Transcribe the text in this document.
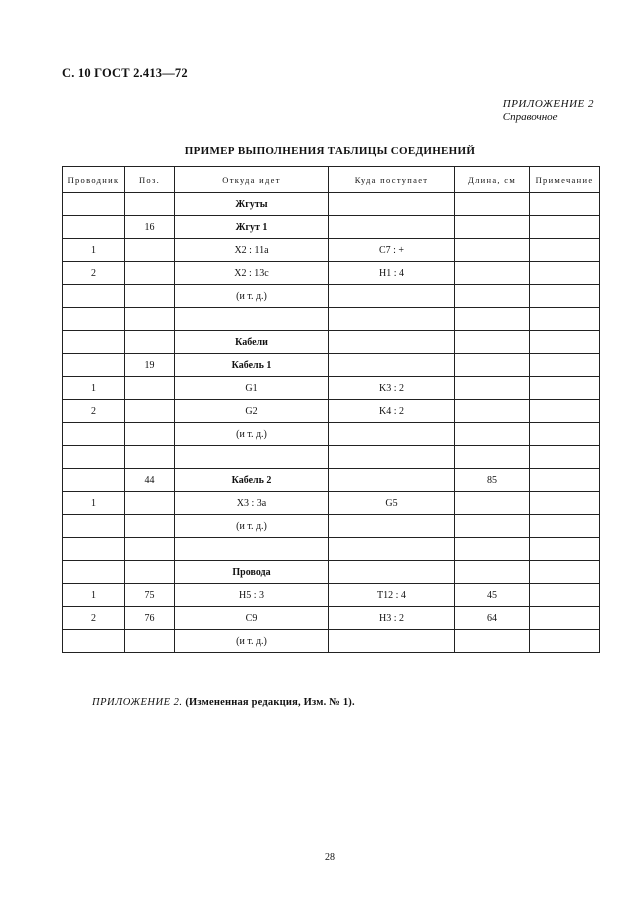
С. 10 ГОСТ 2.413—72
ПРИЛОЖЕНИЕ 2
Справочное
ПРИМЕР ВЫПОЛНЕНИЯ ТАБЛИЦЫ СОЕДИНЕНИЙ
Проводник	Поз.	Откуда идет	Куда поступает	Длина, см	Примечание
		Жгуты			
	16	Жгут 1			
1		X2 : 11a	C7 : +		
2		X2 : 13c	H1 : 4		
		(и т. д.)			

		Кабели			
	19	Кабель 1			
1		G1	K3 : 2		
2		G2	K4 : 2		
		(и т. д.)			

	44	Кабель 2		85	
1		X3 : 3a	G5		
		(и т. д.)			

		Провода			
1	75	H5 : 3	T12 : 4	45	
2	76	C9	H3 : 2	64	
		(и т. д.)			
ПРИЛОЖЕНИЕ 2. (Измененная редакция, Изм. № 1).
28
